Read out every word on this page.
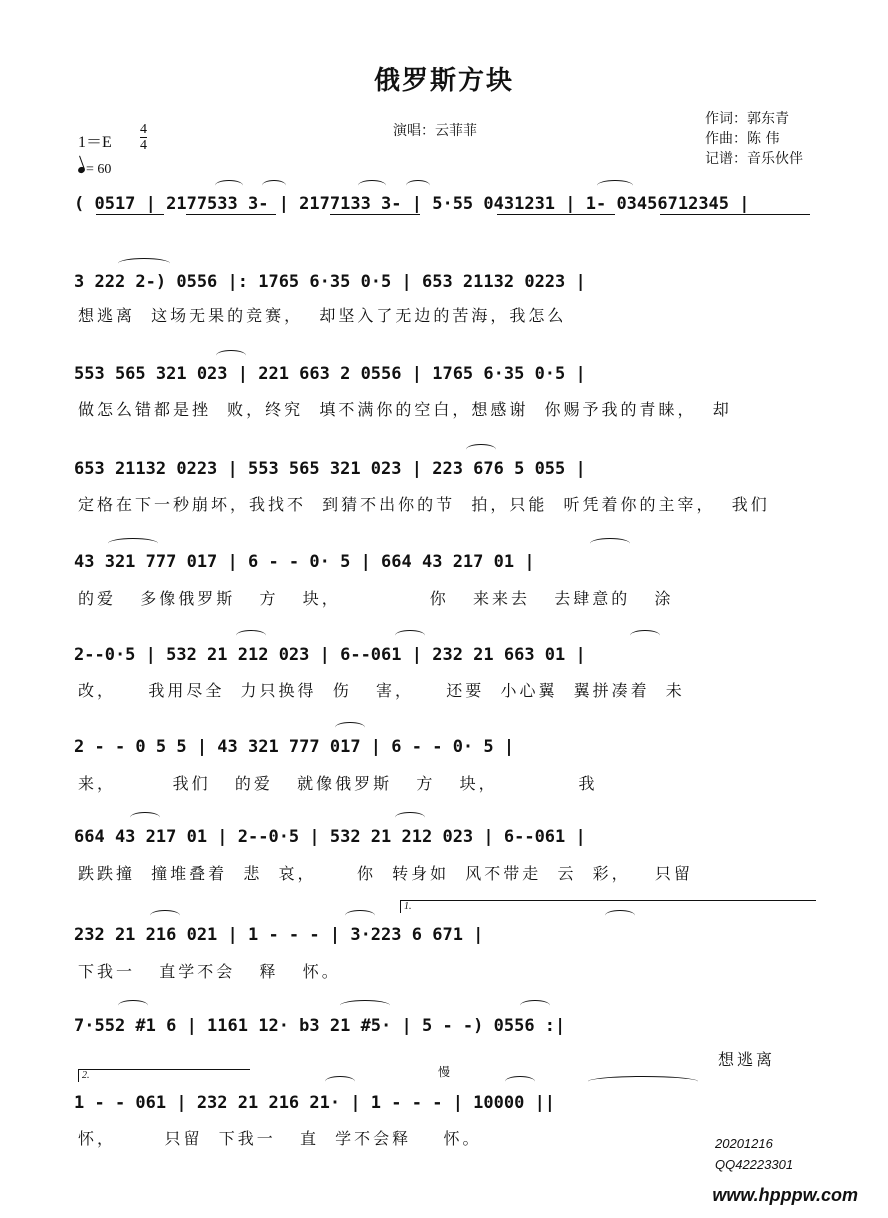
俄罗斯方块
演唱：云菲菲
作词：郭东青
作曲：陈 伟
记谱：音乐伙伴
1＝E
4
4
= 60
( 0517 | 2177533 3- | 2177133 3- | 5·55 0431231 | 1- 03456712345 |
3 222 2-) 0556 |: 1765 6·35 0·5 | 653 21132 0223 |
想逃离  这场无果的竞赛，  却坚入了无边的苦海，我怎么
553 565 321 023 | 221 663 2 0556 | 1765 6·35 0·5 |
做怎么错都是挫  败，终究  填不满你的空白，想感谢  你赐予我的青睐，  却
653 21132 0223 | 553 565 321 023 | 223 676 5 055 |
定格在下一秒崩坏，我找不  到猜不出你的节  拍，只能  听凭着你的主宰，  我们
43 321 777 017 | 6 - - 0· 5 | 664 43 217 01 |
的爱   多像俄罗斯   方   块，           你   来来去   去肆意的   涂
2--0·5 | 532 21 212 023 | 6--061 | 232 21 663 01 |
改，    我用尽全  力只换得  伤   害，    还要  小心翼  翼拼凑着  未
2 - - 0 5 5 | 43 321 777 017 | 6 - - 0· 5 |
来，       我们   的爱   就像俄罗斯   方   块，          我
664 43 217 01 | 2--0·5 | 532 21 212 023 | 6--061 |
跌跌撞  撞堆叠着  悲  哀，     你  转身如  风不带走  云  彩，   只留
1.
232 21 216 021 | 1 - - - | 3·223 6 671 |
下我一   直学不会   释   怀。
7·552 #1 6 | 1161 12· b3 21 #5· | 5 - -) 0556 :|
想逃离
2.	慢
1 - - 061 | 232 21 216 21· | 1 - - - | 10000 ||
怀，      只留  下我一   直  学不会释    怀。	20201216
QQ42223301
www.hpppw.com
